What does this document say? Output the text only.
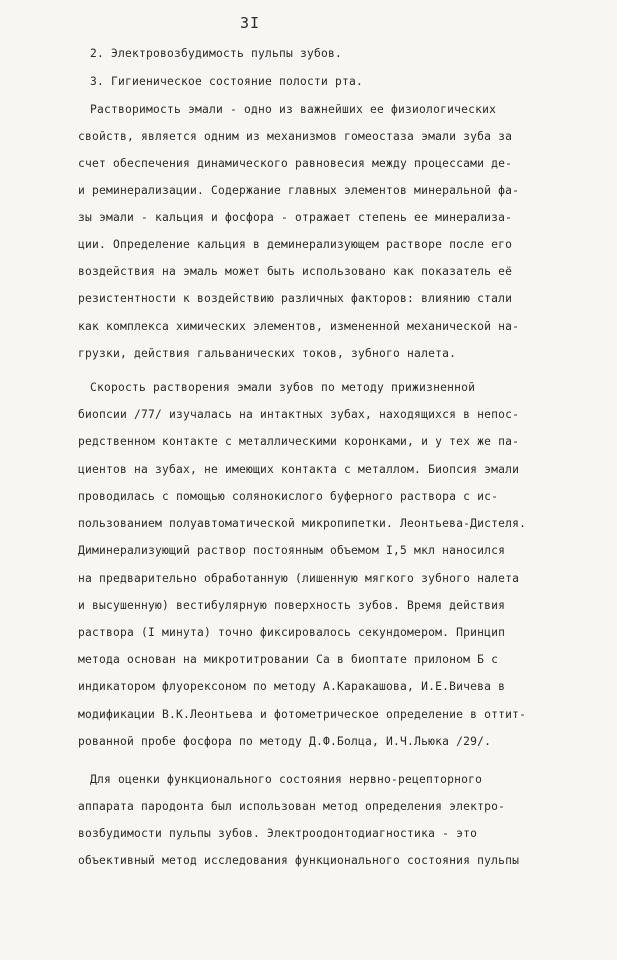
3I
2. Электровозбудимость пульпы зубов.
3. Гигиеническое состояние полости рта.
Растворимость эмали - одно из важнейших ее физиологических
свойств, является одним из механизмов гомеостаза эмали зуба за
счет обеспечения динамического равновесия между процессами де-
и реминерализации. Содержание главных элементов минеральной фа-
зы эмали - кальция и фосфора - отражает степень ее минерализа-
ции. Определение кальция в деминерализующем растворе после его
воздействия на эмаль может быть использовано как показатель её
резистентности к воздействию различных факторов: влиянию стали
как комплекса химических элементов, измененной механической на-
грузки, действия гальванических токов, зубного налета.
Скорость растворения эмали зубов по методу прижизненной
биопсии /77/ изучалась на интактных зубах, находящихся в непос-
редственном контакте с металлическими коронками, и у тех же па-
циентов на зубах, не имеющих контакта с металлом. Биопсия эмали
проводилась с помощью солянокислого буферного раствора с ис-
пользованием полуавтоматической микропипетки. Леонтьева-Дистеля.
Диминерализующий раствор постоянным объемом I,5 мкл наносился
на предварительно обработанную (лишенную мягкого зубного налета
и высушенную) вестибулярную поверхность зубов. Время действия
раствора (I минута) точно фиксировалось секундомером. Принцип
метода основан на микротитровании Са в биоптате прилоном Б с
индикатором флуорексоном по методу А.Каракашова, И.Е.Вичева в
модификации В.К.Леонтьева и фотометрическое определение в оттит-
рованной пробе фосфора по методу Д.Ф.Болца, И.Ч.Льюка /29/.
Для оценки функционального состояния нервно-рецепторного
аппарата пародонта был использован метод определения электро-
возбудимости пульпы зубов. Электроодонтодиагностика - это
объективный метод исследования функционального состояния пульпы
